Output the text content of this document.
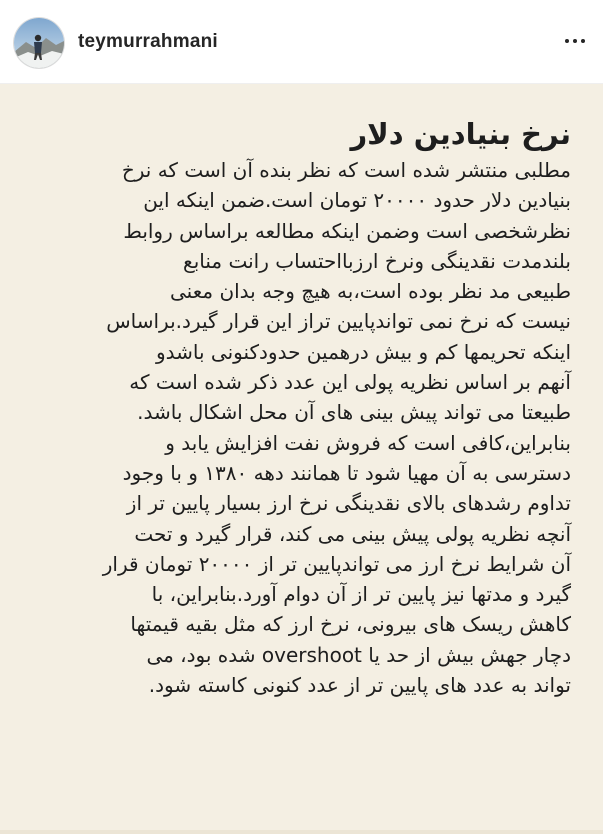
teymurrahmani
نرخ بنیادین دلار
مطلبی منتشر شده است که نظر بنده آن است که نرخ
بنیادین دلار حدود ۲۰۰۰۰ تومان است.ضمن اینکه این
نظرشخصی است وضمن اینکه مطالعه براساس روابط
بلندمدت نقدینگی ونرخ ارزبااحتساب رانت منابع
طبیعی مد نظر بوده است،به هیچ وجه بدان معنی
نیست که نرخ نمی تواندپایین تراز این قرار گیرد.براساس
اینکه تحریمها کم و بیش درهمین حدودکنونی باشدو
آنهم بر اساس نظریه پولی این عدد ذکر شده است که
طبیعتا می تواند پیش بینی های آن محل اشکال باشد.
بنابراین،کافی است که فروش نفت افزایش یابد و
دسترسی به آن مهیا شود تا همانند دهه ۱۳۸۰ و با وجود
تداوم رشدهای بالای نقدینگی نرخ ارز بسیار پایین تر از
آنچه نظریه پولی پیش بینی می کند، قرار گیرد و تحت
آن شرایط نرخ ارز می تواندپایین تر از ۲۰۰۰۰ تومان قرار
گیرد و مدتها نیز پایین تر از آن دوام آورد.بنابراین، با
کاهش ریسک های بیرونی، نرخ ارز که مثل بقیه قیمتها
دچار جهش بیش از حد یا overshoot شده بود، می
تواند به عدد های پایین تر از عدد کنونی کاسته شود.
